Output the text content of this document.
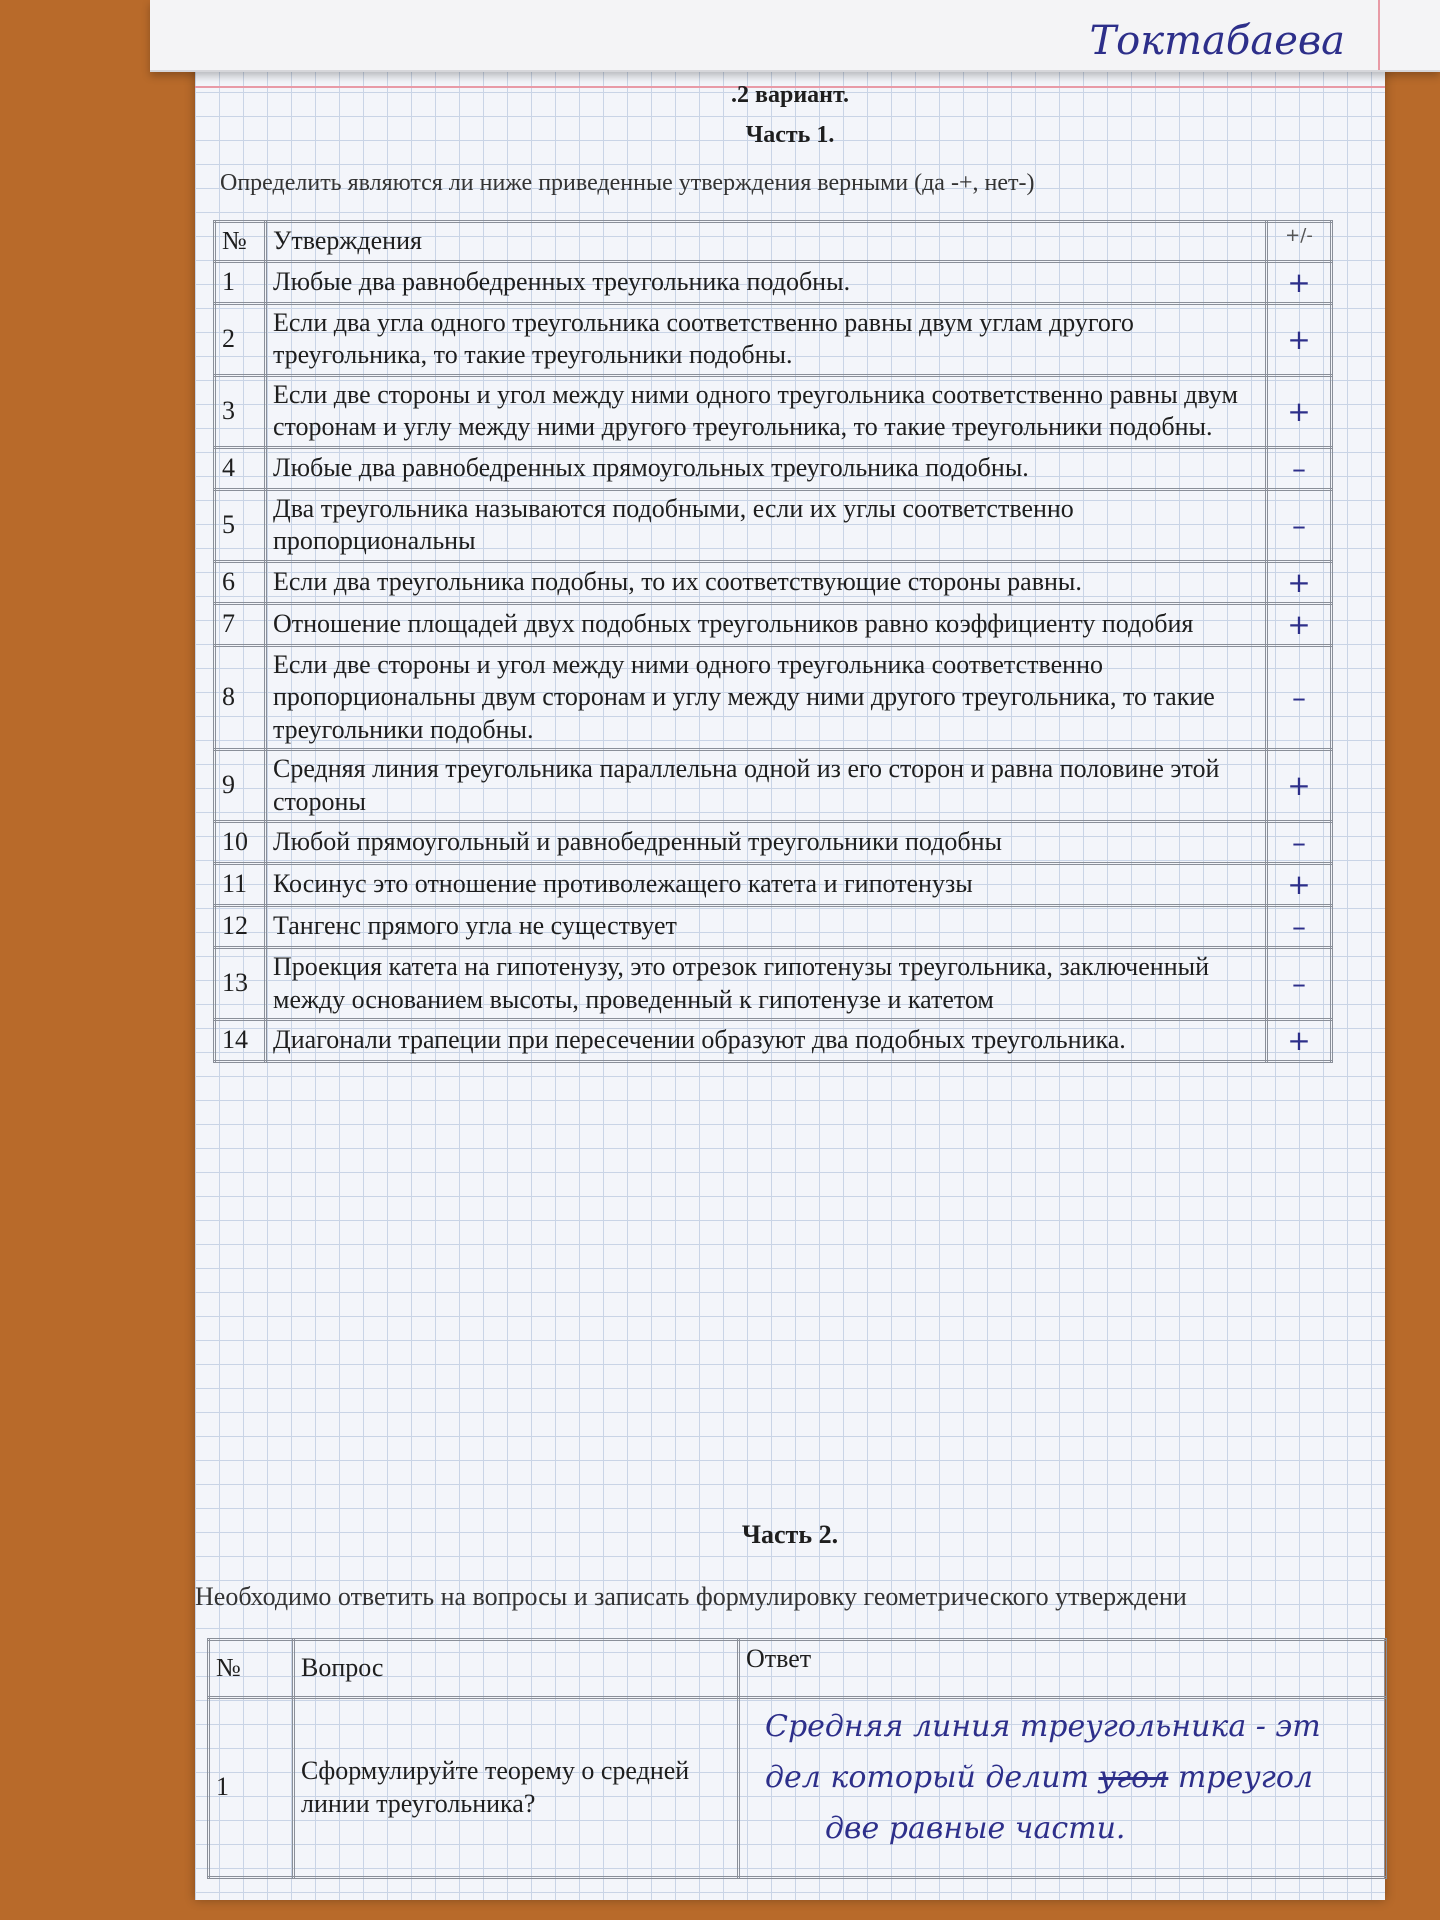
Токтабаева
.2 вариант.
Часть 1.
Определить являются ли ниже приведенные утверждения верными (да -+, нет-)
№	Утверждения	+/-
1	Любые два равнобедренных треугольника подобны.	+
2	Если два угла одного треугольника соответственно равны двум углам другого треугольника, то такие треугольники подобны.	+
3	Если две стороны и угол между ними одного треугольника соответственно равны двум сторонам и углу между ними другого треугольника, то такие треугольники подобны.	+
4	Любые два равнобедренных прямоугольных треугольника подобны.	–
5	Два треугольника называются подобными, если их углы соответственно пропорциональны	–
6	Если два треугольника подобны, то их соответствующие стороны равны.	+
7	Отношение площадей двух подобных треугольников равно коэффициенту подобия	+
8	Если две стороны и угол между ними одного треугольника соответственно пропорциональны двум сторонам и углу между ними другого треугольника, то такие треугольники подобны.	–
9	Средняя линия треугольника параллельна одной из его сторон и равна половине этой стороны	+
10	Любой прямоугольный и равнобедренный треугольники подобны	–
11	Косинус это отношение противолежащего катета и гипотенузы	+
12	Тангенс прямого угла не существует	–
13	Проекция катета на гипотенузу, это отрезок гипотенузы треугольника, заключенный между основанием высоты, проведенный к гипотенузе и катетом	–
14	Диагонали трапеции при пересечении образуют два подобных треугольника.	+
Часть 2.
Необходимо ответить на вопросы и записать формулировку геометрического утверждени
№	Вопрос	Ответ
1	Сформулируйте теорему о средней линии треугольника?	Средняя линия треугольника - эт
дел который делит угол треугол
две равные части.
